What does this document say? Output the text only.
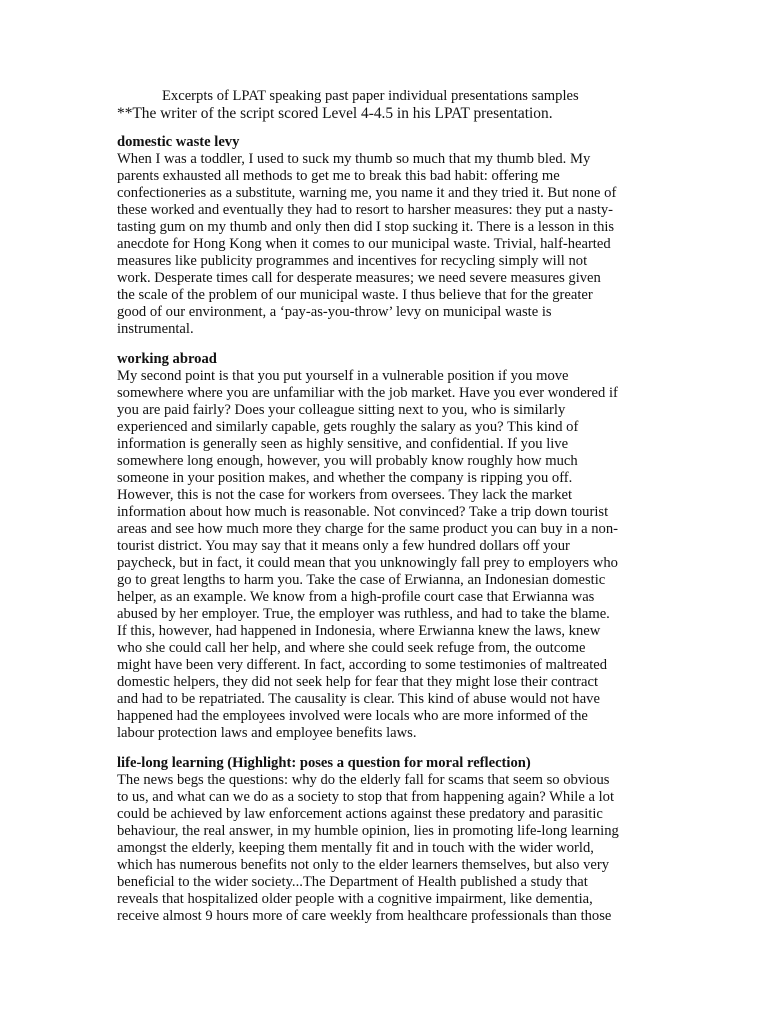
Excerpts of LPAT speaking past paper individual presentations samples
**The writer of the script scored Level 4-4.5 in his LPAT presentation.
domestic waste levy
When I was a toddler, I used to suck my thumb so much that my thumb bled. My
parents exhausted all methods to get me to break this bad habit: offering me
confectioneries as a substitute, warning me, you name it and they tried it. But none of
these worked and eventually they had to resort to harsher measures: they put a nasty-
tasting gum on my thumb and only then did I stop sucking it. There is a lesson in this
anecdote for Hong Kong when it comes to our municipal waste. Trivial, half-hearted
measures like publicity programmes and incentives for recycling simply will not
work. Desperate times call for desperate measures; we need severe measures given
the scale of the problem of our municipal waste. I thus believe that for the greater
good of our environment, a ‘pay-as-you-throw’ levy on municipal waste is
instrumental.
working abroad
My second point is that you put yourself in a vulnerable position if you move
somewhere where you are unfamiliar with the job market. Have you ever wondered if
you are paid fairly? Does your colleague sitting next to you, who is similarly
experienced and similarly capable, gets roughly the salary as you? This kind of
information is generally seen as highly sensitive, and confidential. If you live
somewhere long enough, however, you will probably know roughly how much
someone in your position makes, and whether the company is ripping you off.
However, this is not the case for workers from oversees. They lack the market
information about how much is reasonable. Not convinced? Take a trip down tourist
areas and see how much more they charge for the same product you can buy in a non-
tourist district. You may say that it means only a few hundred dollars off your
paycheck, but in fact, it could mean that you unknowingly fall prey to employers who
go to great lengths to harm you. Take the case of Erwianna, an Indonesian domestic
helper, as an example. We know from a high-profile court case that Erwianna was
abused by her employer. True, the employer was ruthless, and had to take the blame.
If this, however, had happened in Indonesia, where Erwianna knew the laws, knew
who she could call her help, and where she could seek refuge from, the outcome
might have been very different. In fact, according to some testimonies of maltreated
domestic helpers, they did not seek help for fear that they might lose their contract
and had to be repatriated. The causality is clear. This kind of abuse would not have
happened had the employees involved were locals who are more informed of the
labour protection laws and employee benefits laws.
life-long learning (Highlight: poses a question for moral reflection)
The news begs the questions: why do the elderly fall for scams that seem so obvious
to us, and what can we do as a society to stop that from happening again? While a lot
could be achieved by law enforcement actions against these predatory and parasitic
behaviour, the real answer, in my humble opinion, lies in promoting life-long learning
amongst the elderly, keeping them mentally fit and in touch with the wider world,
which has numerous benefits not only to the elder learners themselves, but also very
beneficial to the wider society...The Department of Health published a study that
reveals that hospitalized older people with a cognitive impairment, like dementia,
receive almost 9 hours more of care weekly from healthcare professionals than those
